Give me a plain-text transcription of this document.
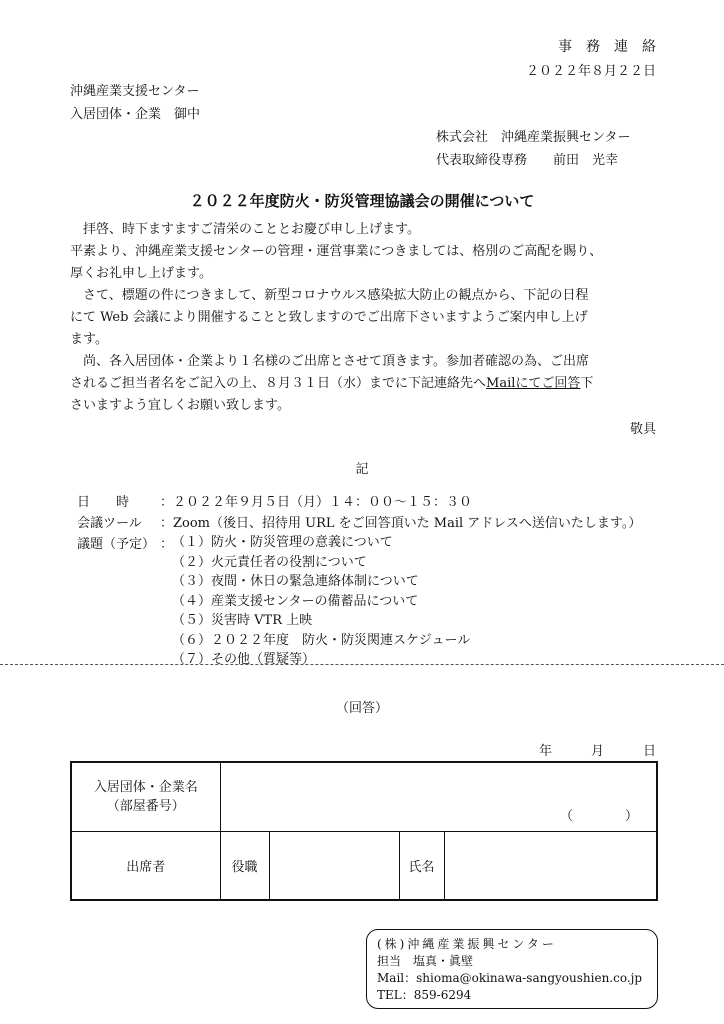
事　務　連　絡
２０２２年８月２２日
沖縄産業支援センター
入居団体・企業　御中
株式会社　沖縄産業振興センター
代表取締役専務　　前田　光幸
２０２２年度防火・防災管理協議会の開催について
拝啓、時下ますますご清栄のこととお慶び申し上げます。
平素より、沖縄産業支援センターの管理・運営事業につきましては、格別のご高配を賜り、
厚くお礼申し上げます。
さて、標題の件につきまして、新型コロナウルス感染拡大防止の観点から、下記の日程
にて Web 会議により開催することと致しますのでご出席下さいますようご案内申し上げ
ます。
尚、各入居団体・企業より１名様のご出席とさせて頂きます。参加者確認の為、ご出席
されるご担当者名をご記入の上、８月３１日（水）までに下記連絡先へMailにてご回答下
さいますよう宜しくお願い致します。
敬具
記
日　　時 ：２０２２年９月５日（月）１４：００～１５：３０
会議ツール ：Zoom（後日、招待用 URL をご回答頂いた Mail アドレスへ送信いたします。）
議題（予定） ：
（１）防火・防災管理の意義について
（２）火元責任者の役割について
（３）夜間・休日の緊急連絡体制について
（４）産業支援センターの備蓄品について
（５）災害時 VTR 上映
（６）２０２２年度　防火・防災関連スケジュール
（７）その他（質疑等）
（回答）
年　　　月　　　日
入居団体・企業名
（部屋番号）	（　　　　）			

出席者	役職		氏名	
(株)沖縄産業振興センター
担当　塩真・眞壁
Mail：shioma@okinawa-sangyoushien.co.jp
TEL：859-6294
